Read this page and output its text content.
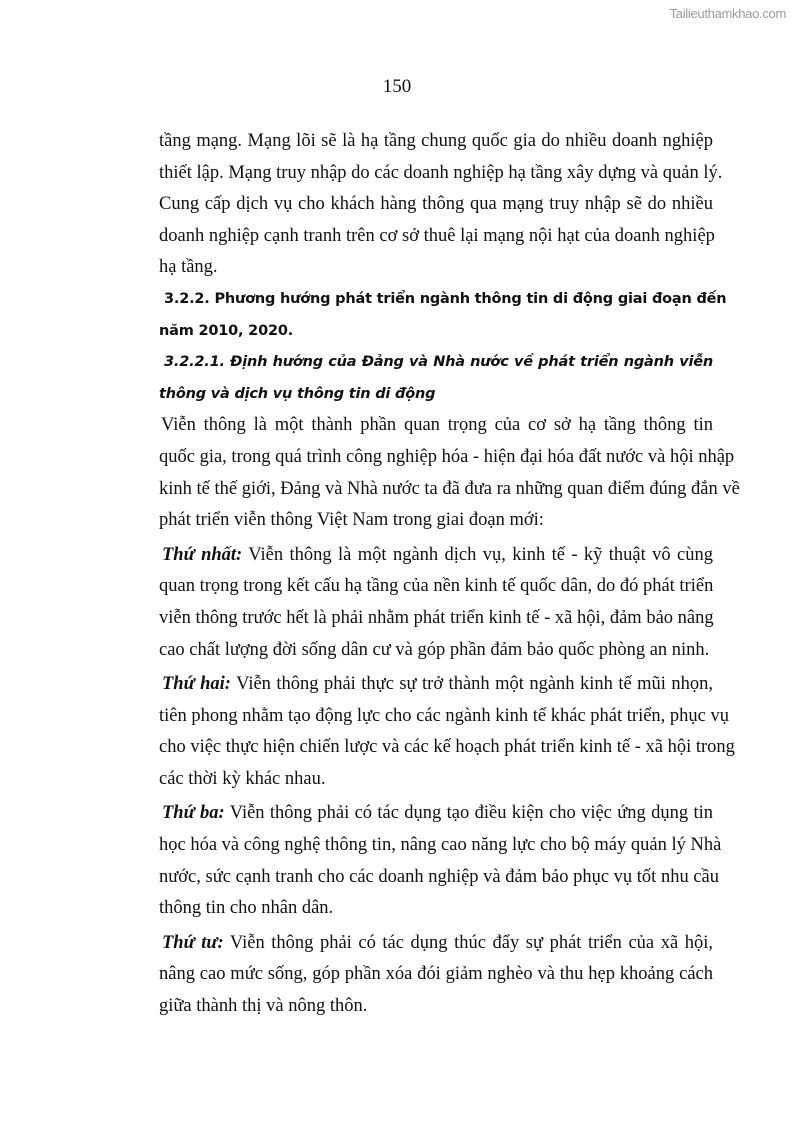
Tailieuthamkhao.com
150
tầng mạng. Mạng lõi sẽ là hạ tầng chung quốc gia do nhiều doanh nghiệp
thiết lập. Mạng truy nhập do các doanh nghiệp hạ tầng xây dựng và quản lý.
Cung cấp dịch vụ cho khách hàng thông qua mạng truy nhập sẽ do nhiều
doanh nghiệp cạnh tranh trên cơ sở thuê lại mạng nội hạt của doanh nghiệp
hạ tầng.
3.2.2. Phương hướng phát triển ngành thông tin di động giai đoạn đến
năm 2010, 2020.
3.2.2.1. Định hướng của Đảng và Nhà nước về phát triển ngành viễn
thông và dịch vụ thông tin di động
Viễn thông là một thành phần quan trọng của cơ sở hạ tầng thông tin
quốc gia, trong quá trình công nghiệp hóa - hiện đại hóa đất nước và hội nhập
kinh tế thế giới, Đảng và Nhà nước ta đã đưa ra những quan điểm đúng đắn về
phát triển viễn thông Việt Nam trong giai đoạn mới:
Thứ nhất: Viễn thông là một ngành dịch vụ, kinh tế - kỹ thuật vô cùng
quan trọng trong kết cấu hạ tầng của nền kinh tế quốc dân, do đó phát triển
viễn thông trước hết là phải nhằm phát triển kinh tế - xã hội, đảm bảo nâng
cao chất lượng đời sống dân cư và góp phần đảm bảo quốc phòng an ninh.
Thứ hai: Viễn thông phải thực sự trở thành một ngành kinh tế mũi nhọn,
tiên phong nhằm tạo động lực cho các ngành kinh tế khác phát triển, phục vụ
cho việc thực hiện chiến lược và các kế hoạch phát triển kinh tế - xã hội trong
các thời kỳ khác nhau.
Thứ ba: Viễn thông phải có tác dụng tạo điều kiện cho việc ứng dụng tin
học hóa và công nghệ thông tin, nâng cao năng lực cho bộ máy quản lý Nhà
nước, sức cạnh tranh cho các doanh nghiệp và đảm bảo phục vụ tốt nhu cầu
thông tin cho nhân dân.
Thứ tư: Viễn thông phải có tác dụng thúc đẩy sự phát triển của xã hội,
nâng cao mức sống, góp phần xóa đói giảm nghèo và thu hẹp khoảng cách
giữa thành thị và nông thôn.
